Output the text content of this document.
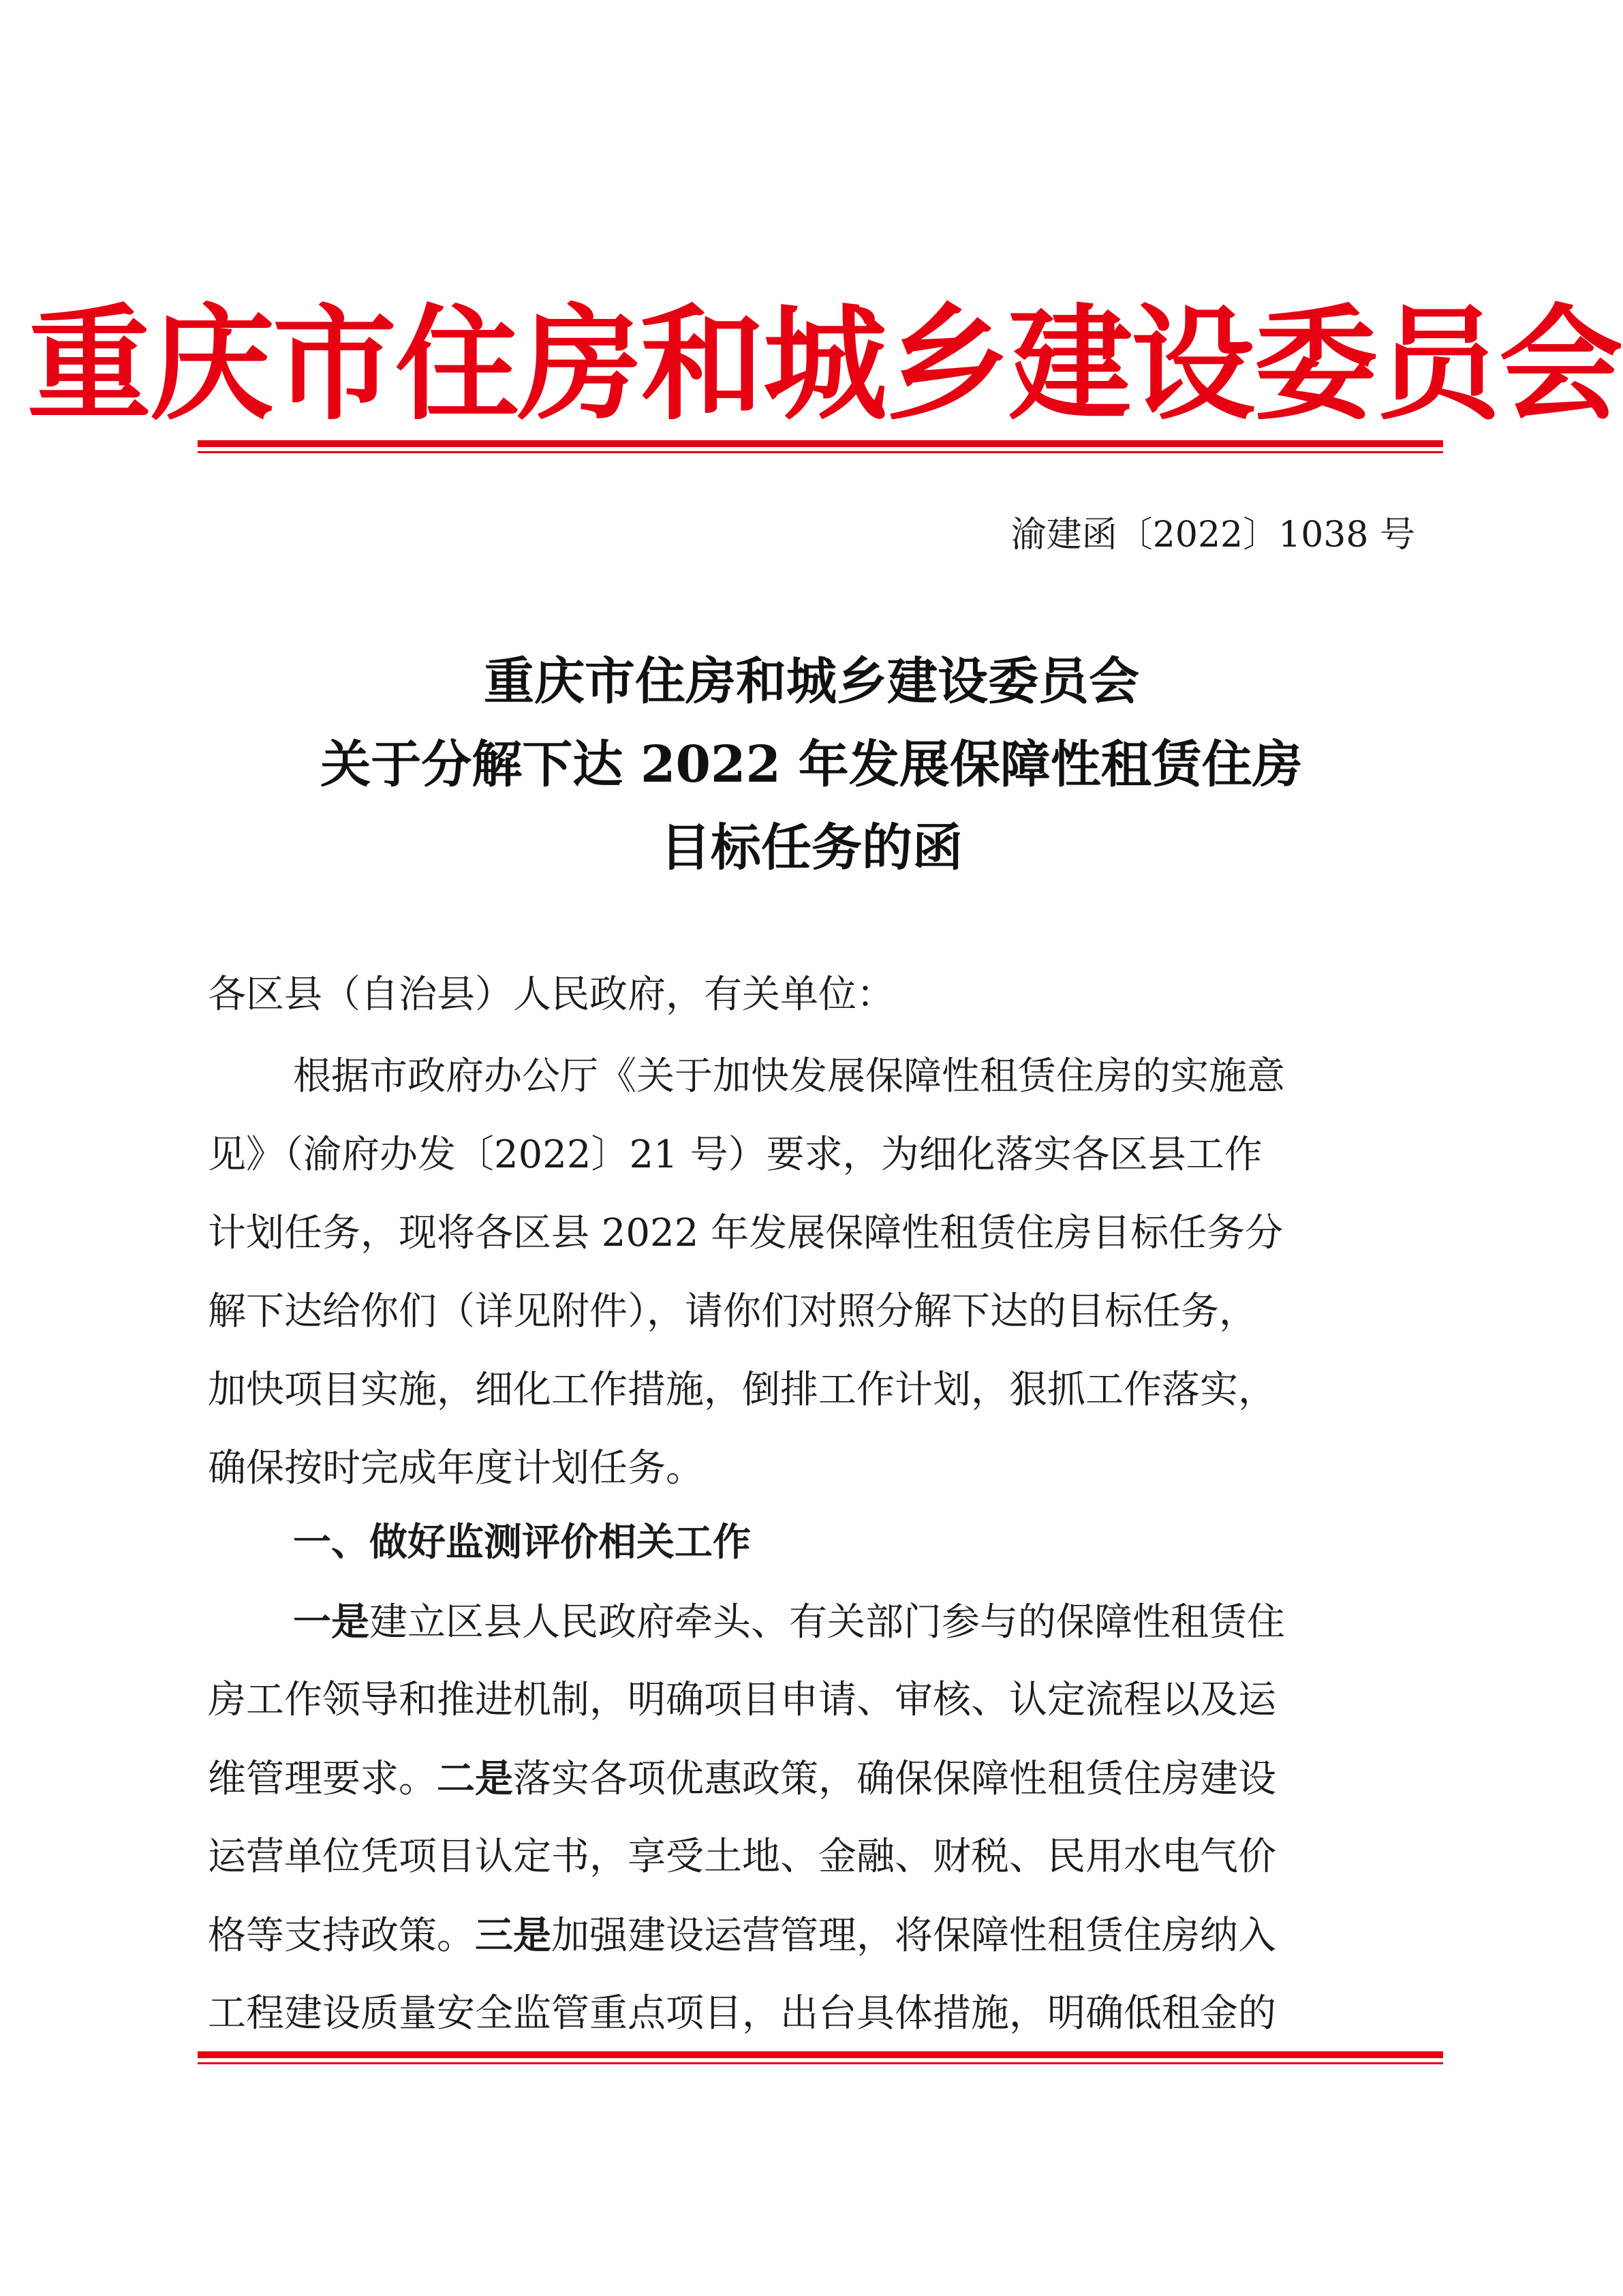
重庆市住房和城乡建设委员会
渝建函〔2022〕1038 号
重庆市住房和城乡建设委员会
关于分解下达 2022 年发展保障性租赁住房
目标任务的函
各区县（自治县）人民政府，有关单位：
根据市政府办公厅《关于加快发展保障性租赁住房的实施意
见》（渝府办发〔2022〕21 号）要求，为细化落实各区县工作
计划任务，现将各区县 2022 年发展保障性租赁住房目标任务分
解下达给你们（详见附件），请你们对照分解下达的目标任务，
加快项目实施，细化工作措施，倒排工作计划，狠抓工作落实，
确保按时完成年度计划任务。
一、做好监测评价相关工作
一是建立区县人民政府牵头、有关部门参与的保障性租赁住
房工作领导和推进机制，明确项目申请、审核、认定流程以及运
维管理要求。二是落实各项优惠政策，确保保障性租赁住房建设
运营单位凭项目认定书，享受土地、金融、财税、民用水电气价
格等支持政策。三是加强建设运营管理，将保障性租赁住房纳入
工程建设质量安全监管重点项目，出台具体措施，明确低租金的
